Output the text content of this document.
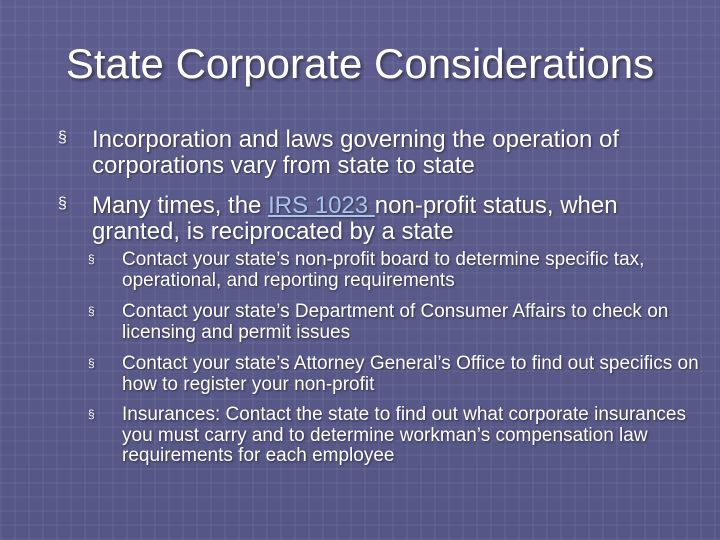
State Corporate Considerations
§ Incorporation and laws governing the operation of corporations vary from state to state
§ Many times, the IRS 1023 non-profit status, when granted, is reciprocated by a state
§ Contact your state’s non-profit board to determine specific tax, operational, and reporting requirements
§ Contact your state’s Department of Consumer Affairs to check on licensing and permit issues
§ Contact your state’s Attorney General’s Office to find out specifics on how to register your non-profit
§ Insurances: Contact the state to find out what corporate insurances you must carry and to determine workman’s compensation law requirements for each employee
